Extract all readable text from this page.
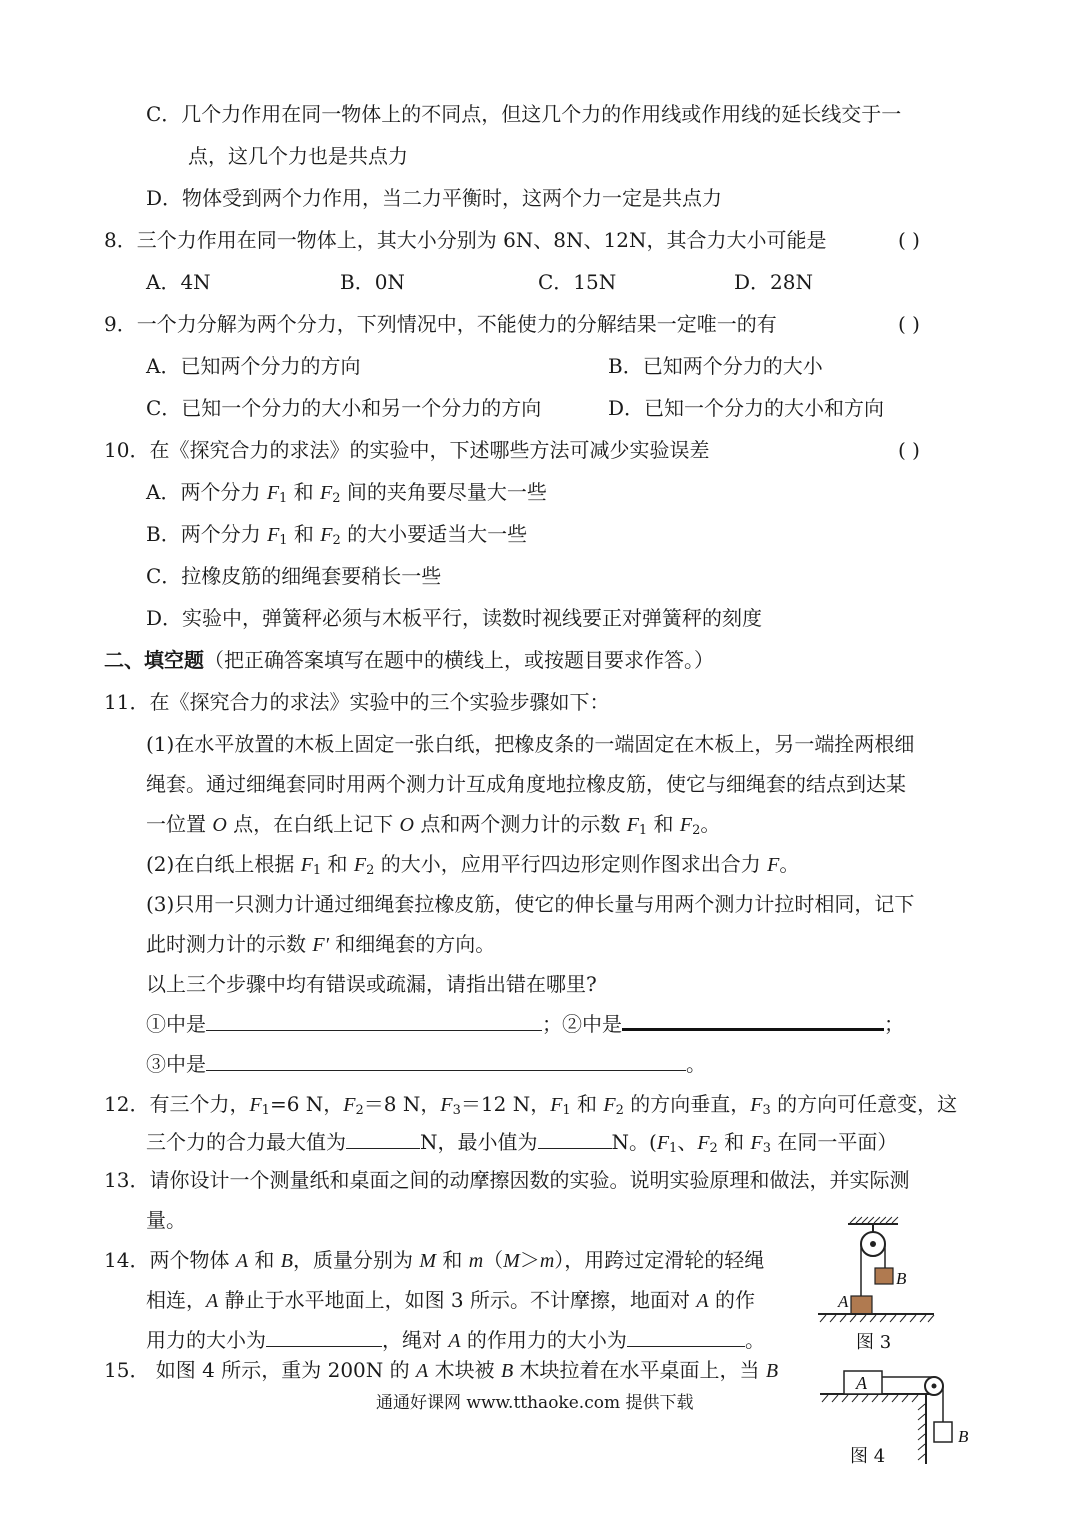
C．几个力作用在同一物体上的不同点，但这几个力的作用线或作用线的延长线交于一
点，这几个力也是共点力
D．物体受到两个力作用，当二力平衡时，这两个力一定是共点力
8．三个力作用在同一物体上，其大小分别为 6N、8N、12N，其合力大小可能是	( )
A．4N	B．0N	C．15N	D．28N
9．一个力分解为两个分力，下列情况中，不能使力的分解结果一定唯一的有	( )
A．已知两个分力的方向	B．已知两个分力的大小
C．已知一个分力的大小和另一个分力的方向	D．已知一个分力的大小和方向
10．在《探究合力的求法》的实验中，下述哪些方法可减少实验误差	( )
A．两个分力 $F_1$ 和 $F_2$ 间的夹角要尽量大一些
B．两个分力 $F_1$ 和 $F_2$ 的大小要适当大一些
C．拉橡皮筋的细绳套要稍长一些
D．实验中，弹簧秤必须与木板平行，读数时视线要正对弹簧秤的刻度
二、填空题（把正确答案填写在题中的横线上，或按题目要求作答。）
11．在《探究合力的求法》实验中的三个实验步骤如下：
(1)在水平放置的木板上固定一张白纸，把橡皮条的一端固定在木板上，另一端拴两根细
绳套。通过细绳套同时用两个测力计互成角度地拉橡皮筋，使它与细绳套的结点到达某
一位置 O 点，在白纸上记下 O 点和两个测力计的示数 $F_1$ 和 $F_2$。
(2)在白纸上根据 $F_1$ 和 $F_2$ 的大小，应用平行四边形定则作图求出合力 F。
(3)只用一只测力计通过细绳套拉橡皮筋，使它的伸长量与用两个测力计拉时相同，记下
此时测力计的示数 F′ 和细绳套的方向。
以上三个步骤中均有错误或疏漏，请指出错在哪里?
①中是	；②中是	；
③中是	。
12．有三个力，$F_1=6$ N，$F_2=8$ N，$F_3=12$ N，$F_1$ 和 $F_2$ 的方向垂直，$F_3$ 的方向可任意变，这
三个力的合力最大值为	N，最小值为	N。($F_1$、$F_2$ 和 $F_3$ 在同一平面）
13．请你设计一个测量纸和桌面之间的动摩擦因数的实验。说明实验原理和做法，并实际测
量。
14．两个物体 A 和 B，质量分别为 M 和 m（M＞m），用跨过定滑轮的轻绳
相连，A 静止于水平地面上，如图 3 所示。不计摩擦，地面对 A 的作
用力的大小为	，绳对 A 的作用力的大小为	。
15． 如图 4 所示，重为 200N 的 A 木块被 B 木块拉着在水平桌面上，当 B
B
A
图 3
A
B
图 4
通通好课网 www.tthaoke.com 提供下载
